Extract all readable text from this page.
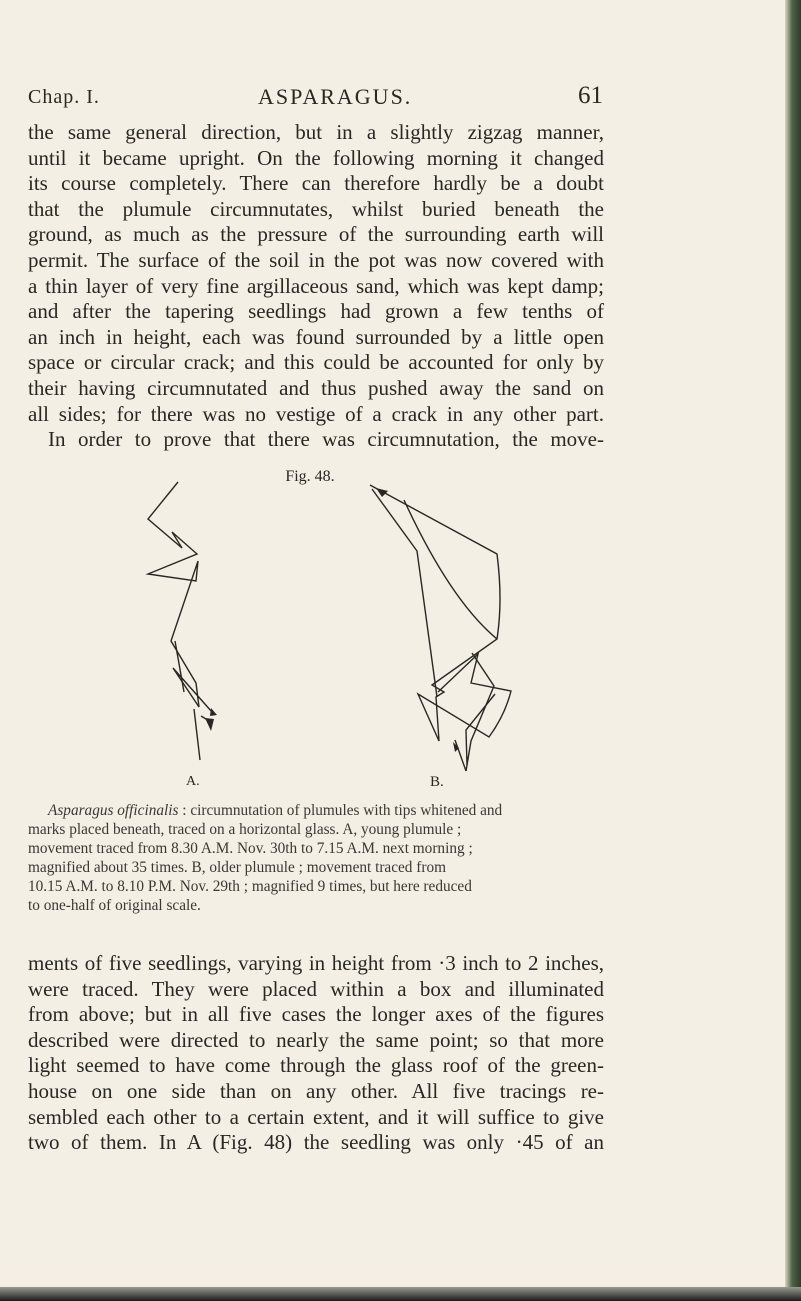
Chap. I.	ASPARAGUS.	61
the same general direction, but in a slightly zigzag manner,
until it became upright. On the following morning it changed
its course completely. There can therefore hardly be a doubt
that the plumule circumnutates, whilst buried beneath the
ground, as much as the pressure of the surrounding earth will
permit. The surface of the soil in the pot was now covered with
a thin layer of very fine argillaceous sand, which was kept damp;
and after the tapering seedlings had grown a few tenths of
an inch in height, each was found surrounded by a little open
space or circular crack; and this could be accounted for only by
their having circumnutated and thus pushed away the sand on
all sides; for there was no vestige of a crack in any other part.
In order to prove that there was circumnutation, the move-
Fig. 48.
A.	B.
Asparagus officinalis : circumnutation of plumules with tips whitened and
marks placed beneath, traced on a horizontal glass. A, young plumule ;
movement traced from 8.30 A.M. Nov. 30th to 7.15 A.M. next morning ;
magnified about 35 times. B, older plumule ; movement traced from
10.15 A.M. to 8.10 P.M. Nov. 29th ; magnified 9 times, but here reduced
to one-half of original scale.
ments of five seedlings, varying in height from ·3 inch to 2 inches,
were traced. They were placed within a box and illuminated
from above; but in all five cases the longer axes of the figures
described were directed to nearly the same point; so that more
light seemed to have come through the glass roof of the green-
house on one side than on any other. All five tracings re-
sembled each other to a certain extent, and it will suffice to give
two of them. In A (Fig. 48) the seedling was only ·45 of an
